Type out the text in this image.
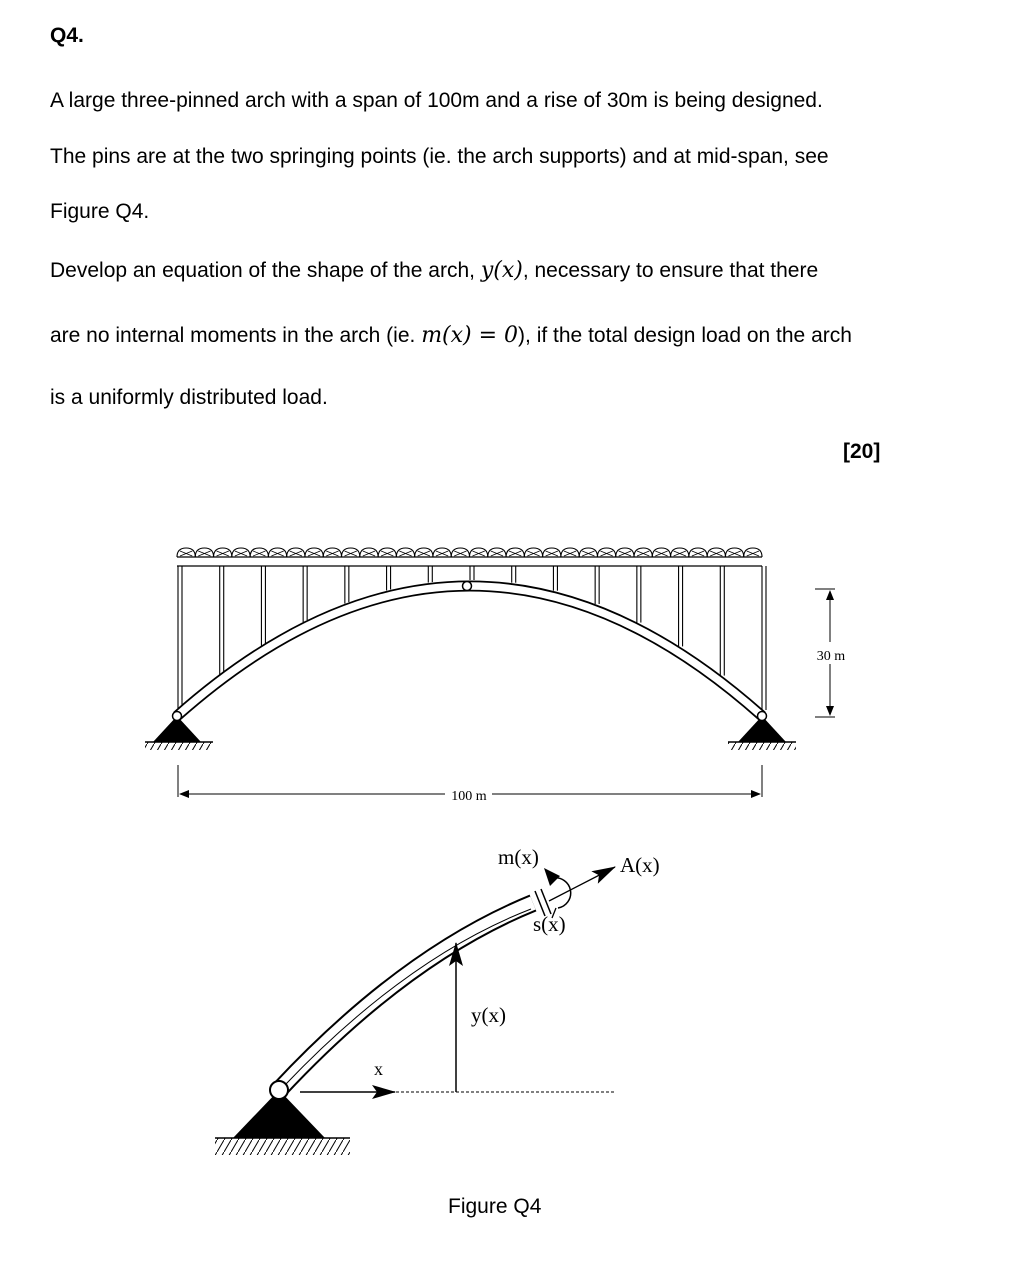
Q4.
A large three-pinned arch with a span of 100m and a rise of 30m is being designed.
The pins are at the two springing points (ie. the arch supports) and at mid-span, see
Figure Q4.
Develop an equation of the shape of the arch, y(x), necessary to ensure that there
are no internal moments in the arch (ie. m(x) = 0), if the total design load on the arch
is a uniformly distributed load.
[20]
100 m
30 m
A(x)
m(x)
s(x)
y(x)
x
Figure Q4
